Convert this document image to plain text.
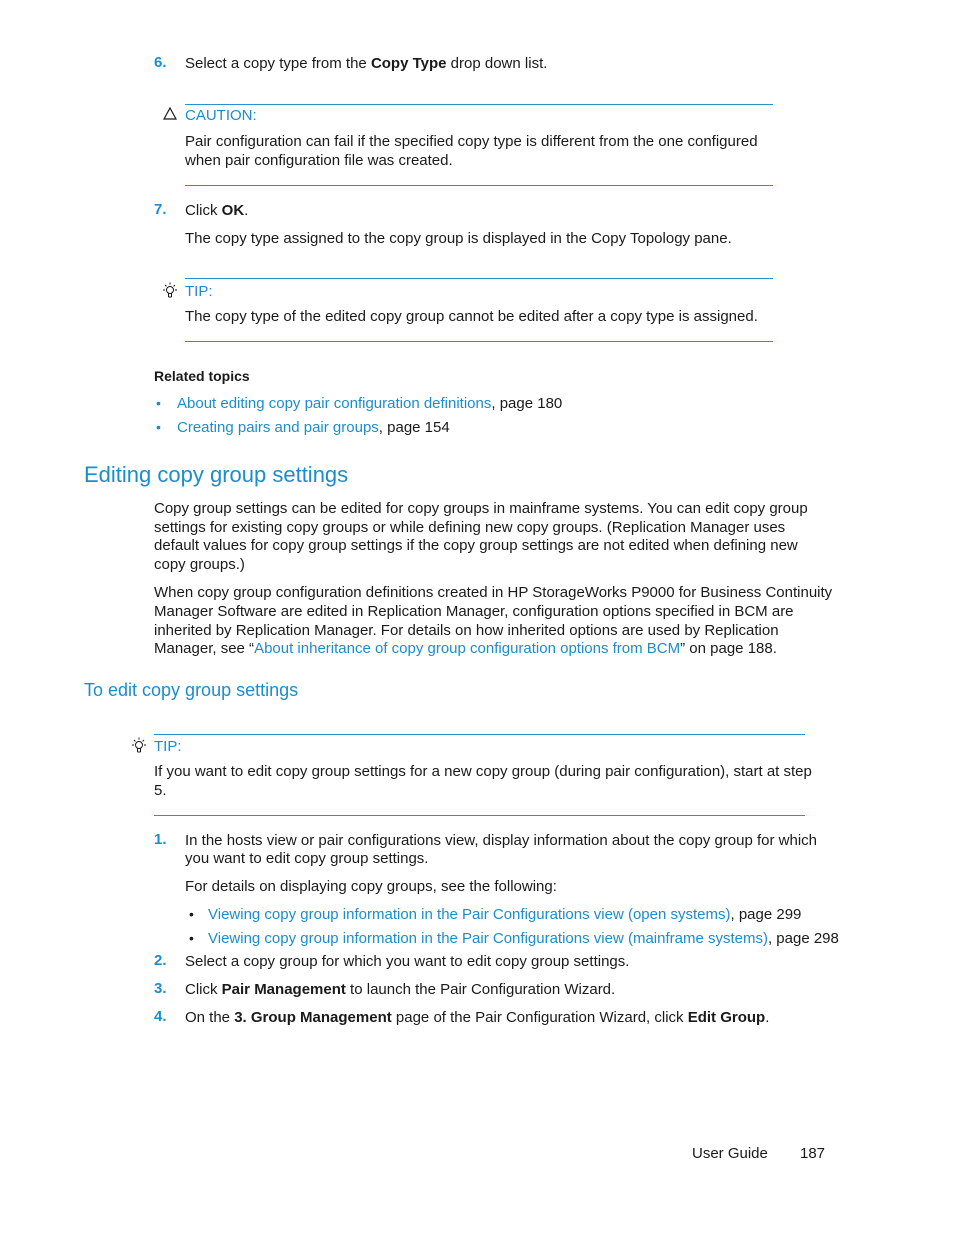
6. Select a copy type from the Copy Type drop down list.
CAUTION:
Pair configuration can fail if the specified copy type is different from the one configured
when pair configuration file was created.
7. Click OK.
The copy type assigned to the copy group is displayed in the Copy Topology pane.
TIP:
The copy type of the edited copy group cannot be edited after a copy type is assigned.
Related topics
• About editing copy pair configuration definitions, page 180
• Creating pairs and pair groups, page 154
Editing copy group settings
Copy group settings can be edited for copy groups in mainframe systems. You can edit copy group
settings for existing copy groups or while defining new copy groups. (Replication Manager uses
default values for copy group settings if the copy group settings are not edited when defining new
copy groups.)
When copy group configuration definitions created in HP StorageWorks P9000 for Business Continuity
Manager Software are edited in Replication Manager, configuration options specified in BCM are
inherited by Replication Manager. For details on how inherited options are used by Replication
Manager, see “About inheritance of copy group configuration options from BCM” on page 188.
To edit copy group settings
TIP:
If you want to edit copy group settings for a new copy group (during pair configuration), start at step
5.
1. In the hosts view or pair configurations view, display information about the copy group for which
you want to edit copy group settings.
For details on displaying copy groups, see the following:
• Viewing copy group information in the Pair Configurations view (open systems), page 299
• Viewing copy group information in the Pair Configurations view (mainframe systems), page 298
2. Select a copy group for which you want to edit copy group settings.
3. Click Pair Management to launch the Pair Configuration Wizard.
4. On the 3. Group Management page of the Pair Configuration Wizard, click Edit Group.
User Guide 187
